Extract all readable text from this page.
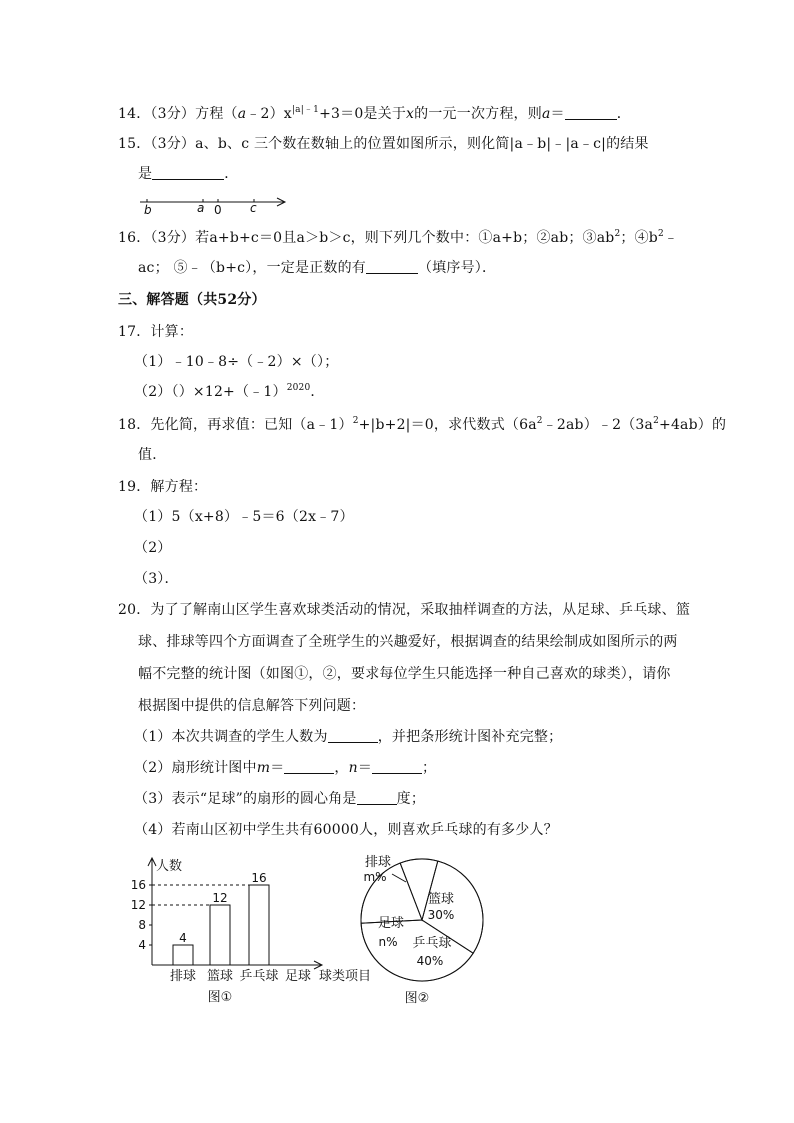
14．（3分）方程$(a﹣2)x^{|a|﹣1}+3=0$是关于x的一元一次方程，则a＝	．
15．（3分）a、b、c 三个数在数轴上的位置如图所示，则化简|a﹣b|﹣|a﹣c|的结果
是	．
b	a 0 c
16．（3分）若a+b+c＝0且a＞b＞c，则下列几个数中：①a+b；②ab；$③ab^2$；$④b^2﹣$
ac； ⑤﹣（b+c），一定是正数的有	（填序号）．
三、解答题（共52分）
17．计算：
（1）﹣10﹣8÷（﹣2）×（）；
（2）（）×12+（﹣1）$^{2020}$．
18．先化简，再求值：已知（a﹣1）$^2$+|b+2|＝0，求代数式$(6a^2﹣2ab)﹣2(3a^2+4ab)$的
值．
19．解方程：
（1）5（x+8）﹣5＝6（2x﹣7）
（2）
（3）．
20．为了了解南山区学生喜欢球类活动的情况，采取抽样调查的方法，从足球、乒乓球、篮
球、排球等四个方面调查了全班学生的兴趣爱好，根据调查的结果绘制成如图所示的两
幅不完整的统计图（如图①，②，要求每位学生只能选择一种自己喜欢的球类），请你
根据图中提供的信息解答下列问题：
（1）本次共调查的学生人数为	，并把条形统计图补充完整；
（2）扇形统计图中m＝	，n＝	；
（3）表示“足球”的扇形的圆心角是	度；
（4）若南山区初中学生共有60000人，则喜欢乒乓球的有多少人？
人数
4
8
12
16
4
排球
12
篮球
16
乒乓球 足球 球类项目
图①
篮球
30%
乒乓球
40%
足球
n%
排球
m%
图②
